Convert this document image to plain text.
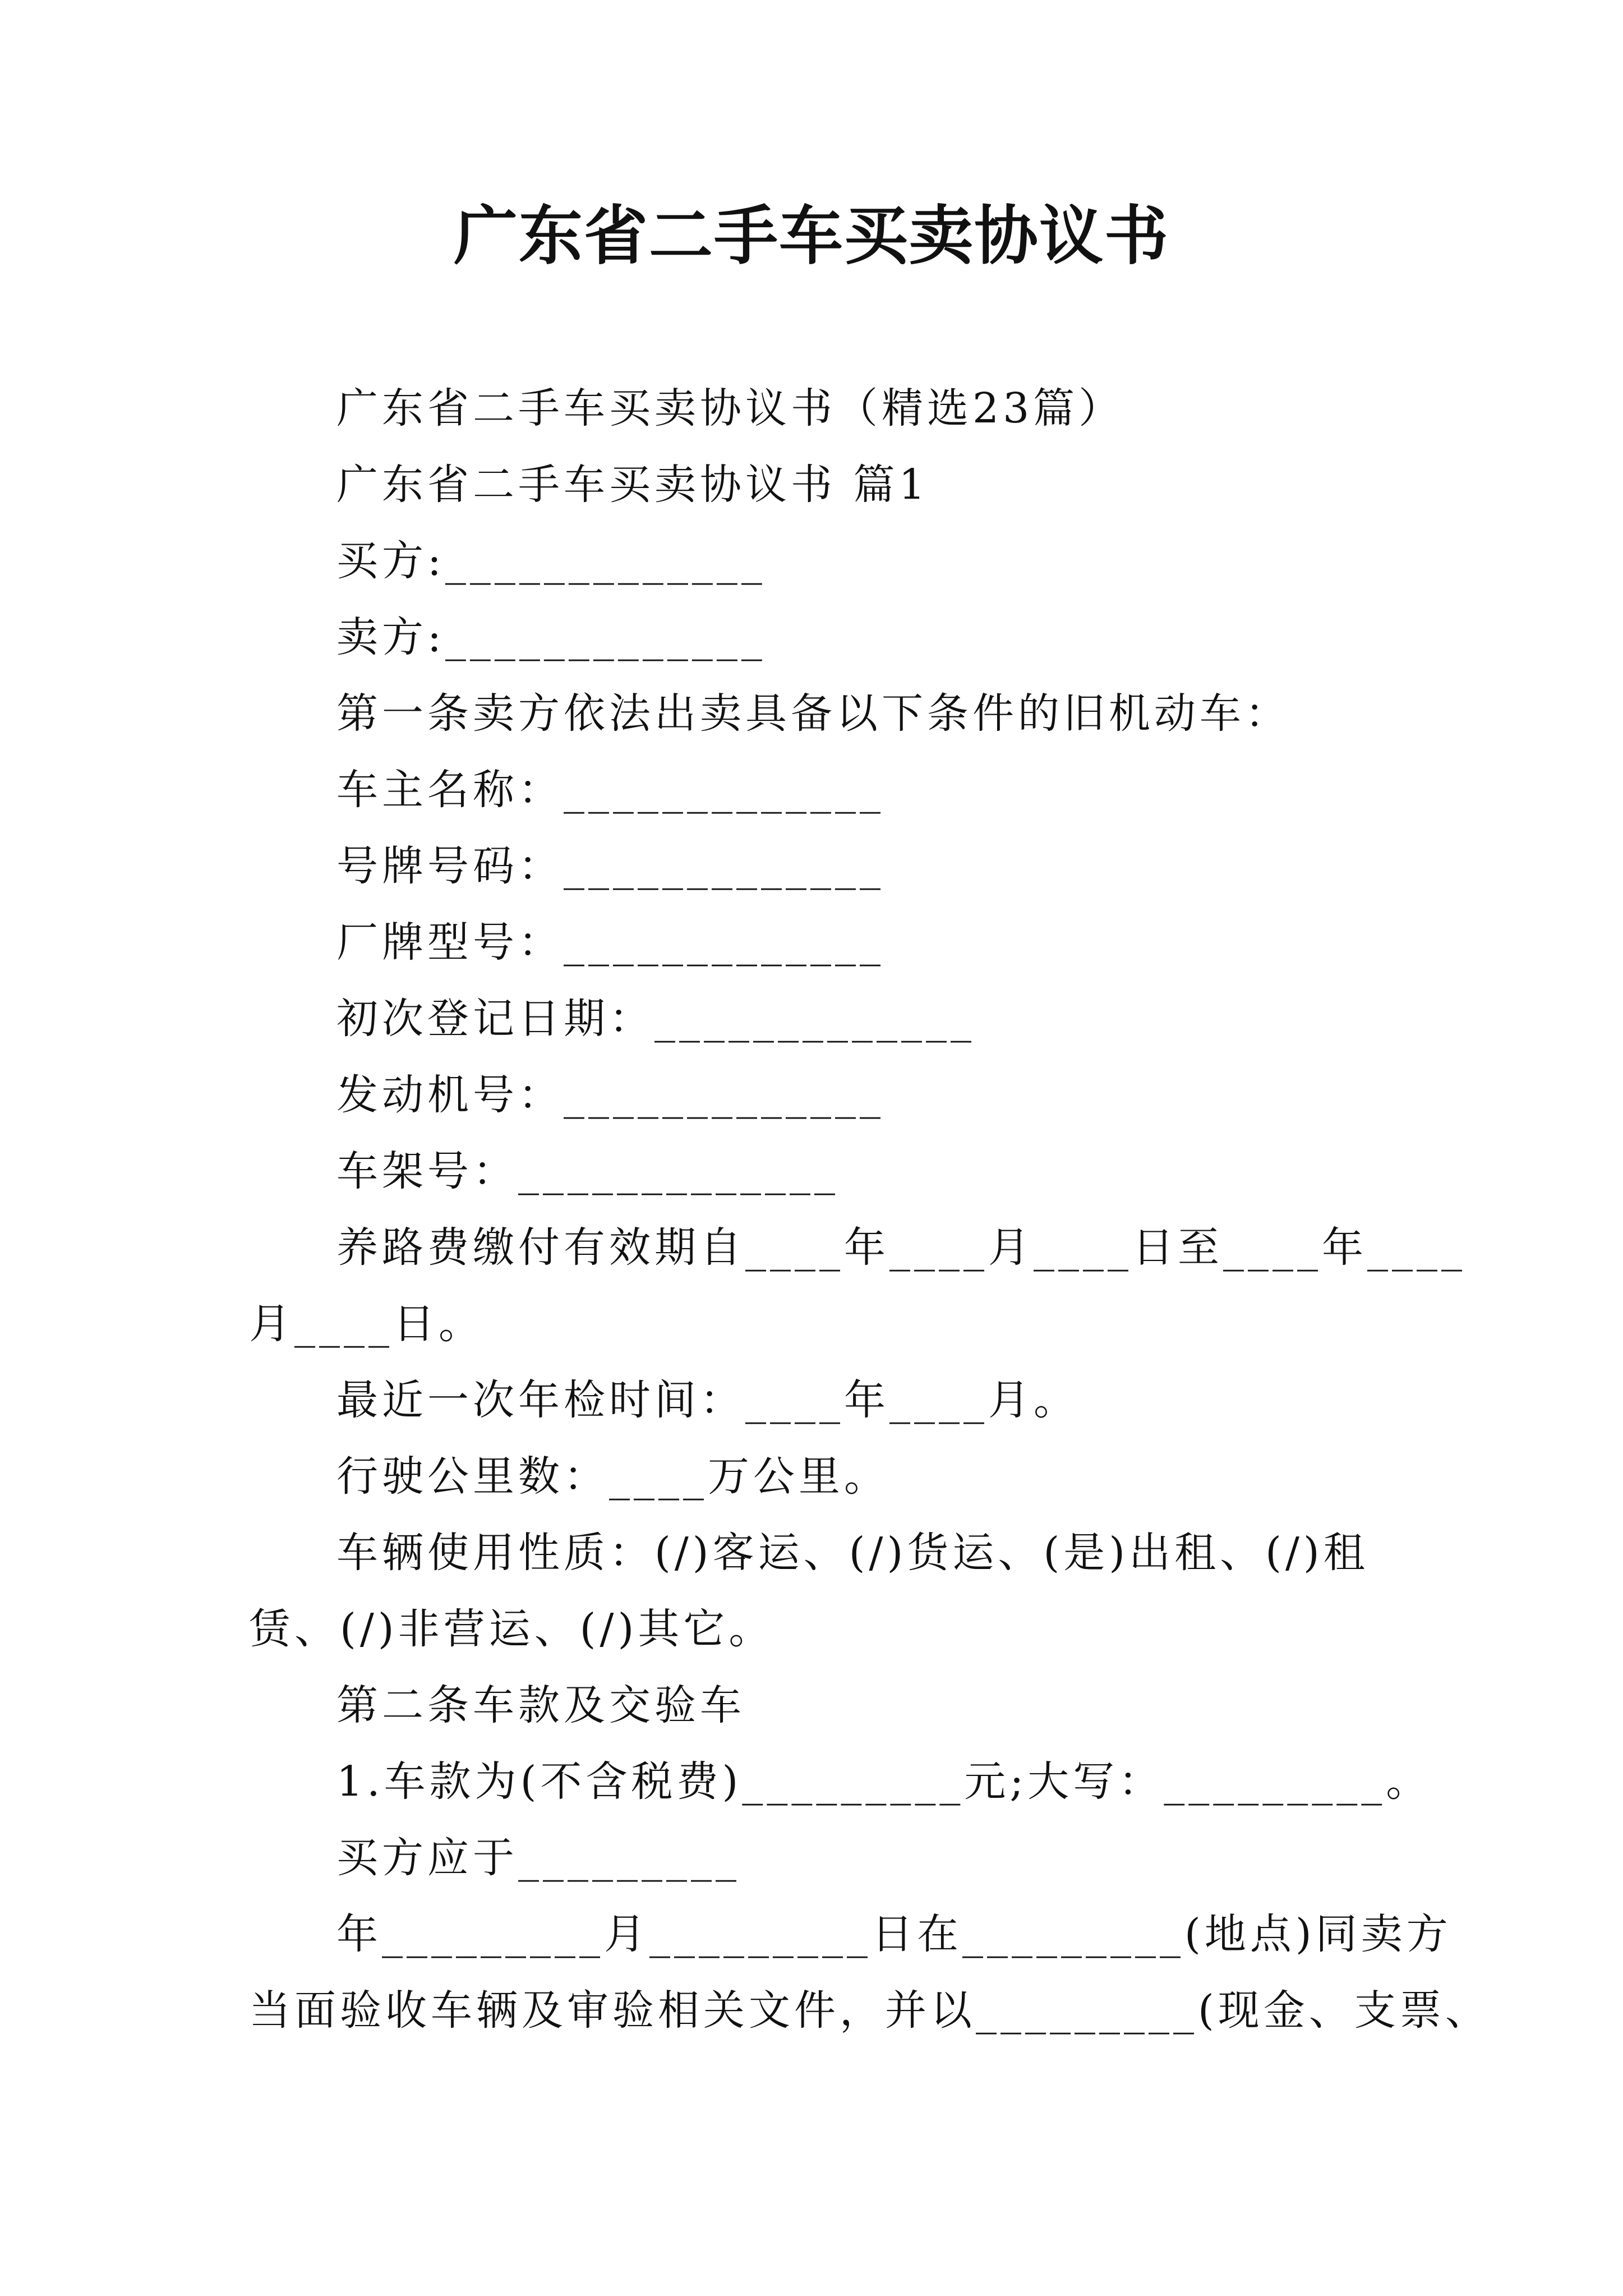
广东省二手车买卖协议书
广东省二手车买卖协议书（精选23篇）
广东省二手车买卖协议书 篇1
买方:_____________
卖方:_____________
第一条卖方依法出卖具备以下条件的旧机动车：
车主名称：_____________
号牌号码：_____________
厂牌型号：_____________
初次登记日期：_____________
发动机号：_____________
车架号：_____________
养路费缴付有效期自____年____月____日至____年____
月____日。
最近一次年检时间：____年____月。
行驶公里数：____万公里。
车辆使用性质：(/)客运、(/)货运、(是)出租、(/)租
赁、(/)非营运、(/)其它。
第二条车款及交验车
1.车款为(不含税费)_________元;大写：_________。
买方应于_________
年_________月_________日在_________(地点)同卖方
当面验收车辆及审验相关文件，并以_________(现金、支票、
